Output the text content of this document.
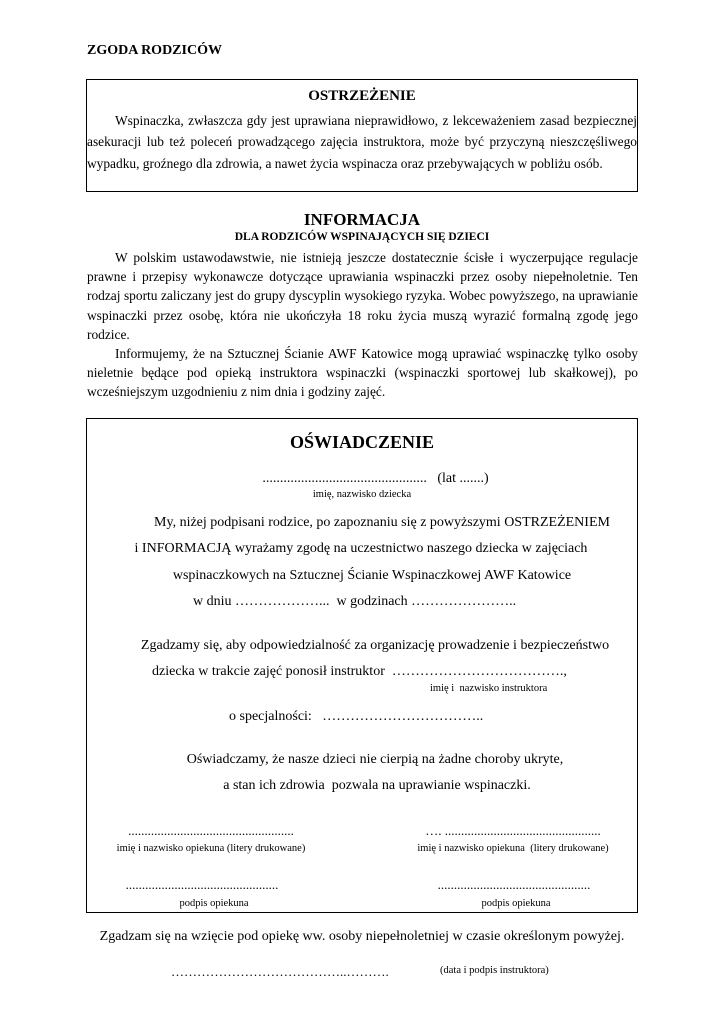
ZGODA RODZICÓW
OSTRZEŻENIE
Wspinaczka, zwłaszcza gdy jest uprawiana nieprawidłowo, z lekceważeniem zasad bezpiecznej asekuracji lub też poleceń prowadzącego zajęcia instruktora, może być przyczyną nieszczęśliwego wypadku, groźnego dla zdrowia, a nawet życia wspinacza oraz przebywających w pobliżu osób.
INFORMACJA
DLA RODZICÓW WSPINAJĄCYCH SIĘ DZIECI
W polskim ustawodawstwie, nie istnieją jeszcze dostatecznie ścisłe i wyczerpujące regulacje prawne i przepisy wykonawcze dotyczące uprawiania wspinaczki przez osoby niepełnoletnie. Ten rodzaj sportu zaliczany jest do grupy dyscyplin wysokiego ryzyka. Wobec powyższego, na uprawianie wspinaczki przez osobę, która nie ukończyła 18 roku życia muszą wyrazić formalną zgodę jego rodzice.
Informujemy, że na Sztucznej Ścianie AWF Katowice mogą uprawiać wspinaczkę tylko osoby nieletnie będące pod opieką instruktora wspinaczki (wspinaczki sportowej lub skałkowej), po wcześniejszym uzgodnieniu z nim dnia i godziny zajęć.
OŚWIADCZENIE
...............................................   (lat .......)
imię, nazwisko dziecka
My, niżej podpisani rodzice, po zapoznaniu się z powyższymi OSTRZEŻENIEM
i INFORMACJĄ wyrażamy zgodę na uczestnictwo naszego dziecka w zajęciach
wspinaczkowych na Sztucznej Ścianie Wspinaczkowej AWF Katowice
w dniu ………………...  w godzinach …………………..
Zgadzamy się, aby odpowiedzialność za organizację prowadzenie i bezpieczeństwo
dziecka w trakcie zajęć ponosił instruktor  ……………………………….,
imię i  nazwisko instruktora
o specjalności:   ……………………………..
Oświadczamy, że nasze dzieci nie cierpią na żadne choroby ukryte,
a stan ich zdrowia  pozwala na uprawianie wspinaczki.
...................................................
imię i nazwisko opiekuna (litery drukowane)
…. ................................................
imię i nazwisko opiekuna  (litery drukowane)
...............................................
podpis opiekuna
...............................................
podpis opiekuna
Zgadzam się na wzięcie pod opiekę ww. osoby niepełnoletniej w czasie określonym powyżej.
…………………………………..……….	(data i podpis instruktora)
